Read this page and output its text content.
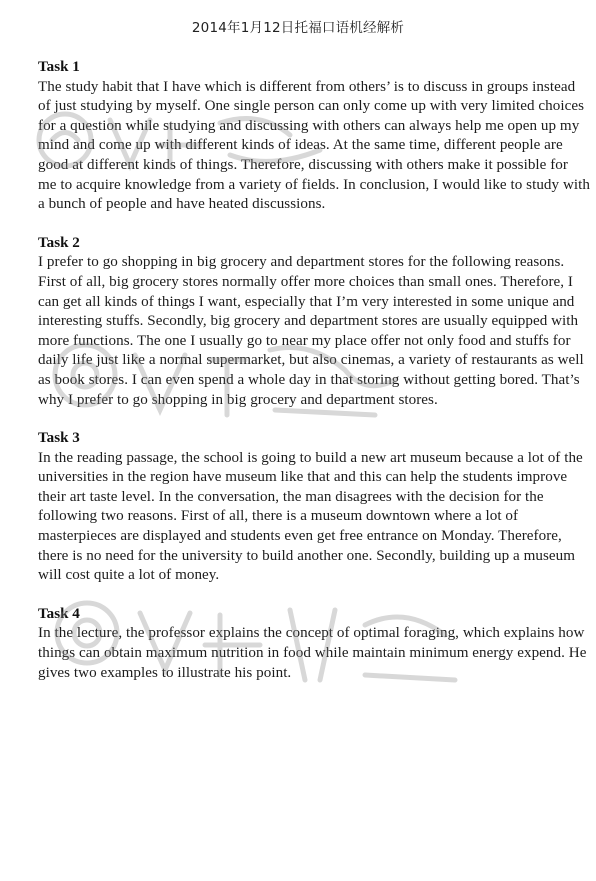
2014年1月12日托福口语机经解析

Task 1

The study habit that I have which is different from others’ is to discuss in groups instead of just studying by myself. One single person can only come up with very limited choices for a question while studying and discussing with others can always help me open up my mind and come up with different kinds of ideas. At the same time, different people are good at different kinds of things. Therefore, discussing with others make it possible for me to acquire knowledge from a variety of fields. In conclusion, I would like to study with a bunch of people and have heated discussions.

Task 2

I prefer to go shopping in big grocery and department stores for the following reasons. First of all, big grocery stores normally offer more choices than small ones. Therefore, I can get all kinds of things I want, especially that I’m very interested in some unique and interesting stuffs. Secondly, big grocery and department stores are usually equipped with more functions. The one I usually go to near my place offer not only food and stuffs for daily life just like a normal supermarket, but also cinemas, a variety of restaurants as well as book stores. I can even spend a whole day in that storing without getting bored. That’s why I prefer to go shopping in big grocery and department stores.

Task 3

In the reading passage, the school is going to build a new art museum because a lot of the universities in the region have museum like that and this can help the students improve their art taste level. In the conversation, the man disagrees with the decision for the following two reasons. First of all, there is a museum downtown where a lot of masterpieces are displayed and students even get free entrance on Monday. Therefore, there is no need for the university to build another one. Secondly, building up a museum will cost quite a lot of money.

Task 4

In the lecture, the professor explains the concept of optimal foraging, which explains how things can obtain maximum nutrition in food while maintain minimum energy expend. He gives two examples to illustrate his point.
